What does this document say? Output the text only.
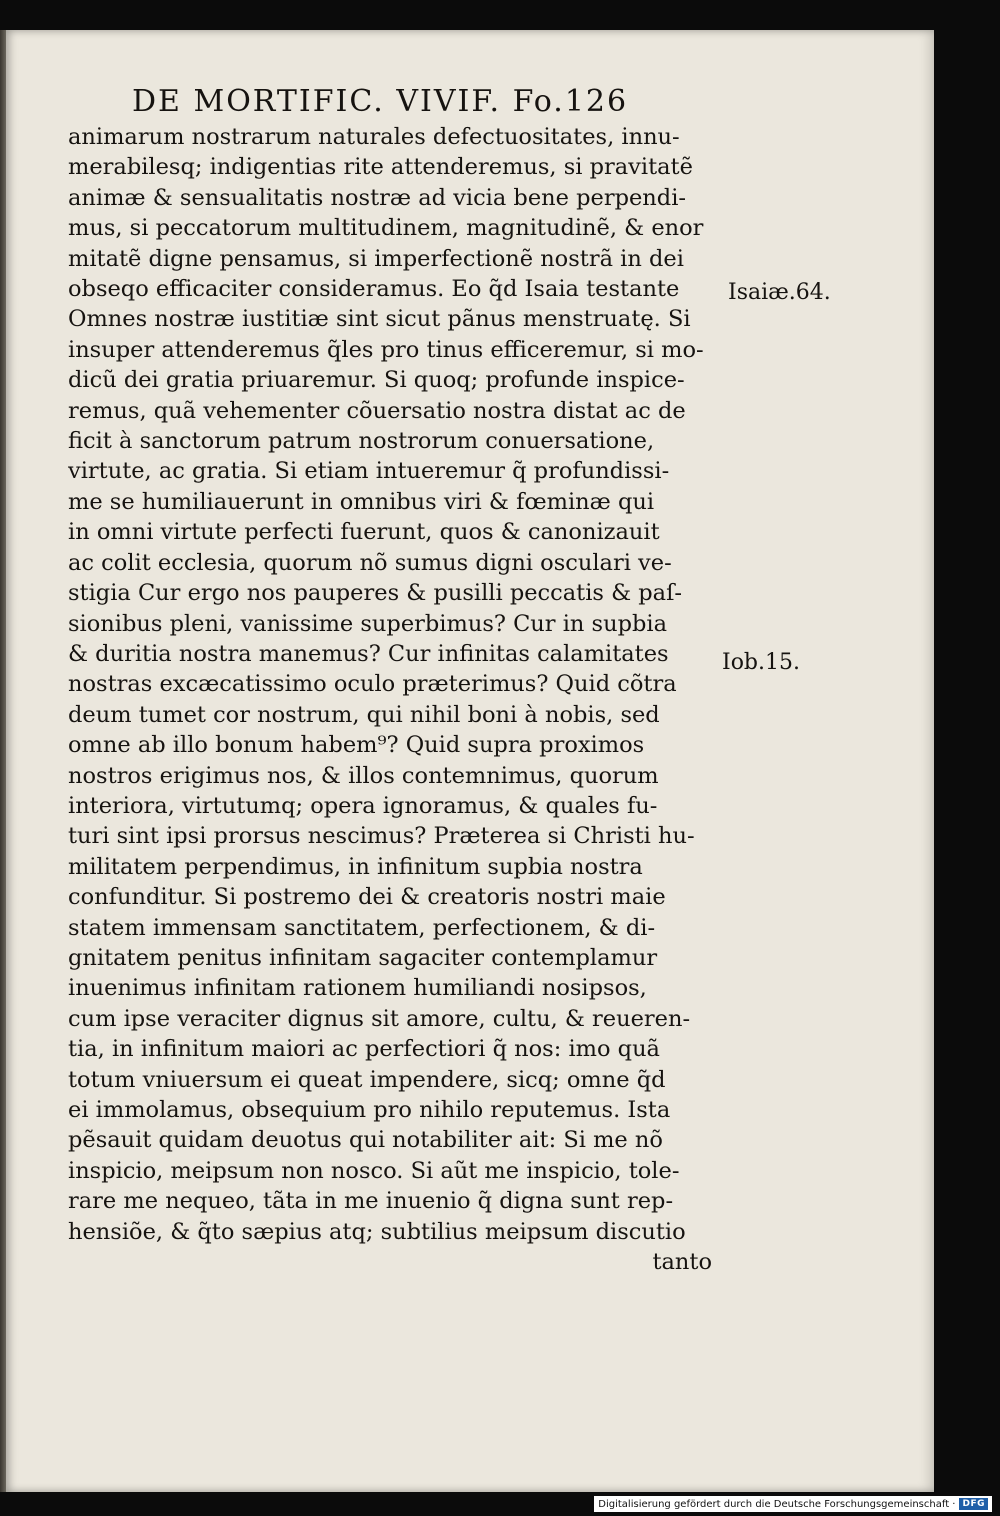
DE MORTIFIC. VIVIF. Fo.126
animarum nostrarum naturales defectuositates, innu-
merabilesq; indigentias rite attenderemus, si pravitatẽ
animæ & sensualitatis nostræ ad vicia bene perpendi-
mus, si peccatorum multitudinem, magnitudinẽ, & enor
mitatẽ digne pensamus, si imperfectionẽ nostrã in dei
obseqo efficaciter consideramus. Eo q̃d Isaia testante
Omnes nostræ iustitiæ sint sicut pãnus menstruatę. Si
insuper attenderemus q̃les pro tinus efficeremur, si mo-
dicũ dei gratia priuaremur. Si quoq; profunde inspice-
remus, quã vehementer cõuersatio nostra distat ac de
ficit à sanctorum patrum nostrorum conuersatione,
virtute, ac gratia. Si etiam intueremur q̃ profundissi-
me se humiliauerunt in omnibus viri & fœminæ qui
in omni virtute perfecti fuerunt, quos & canonizauit
ac colit ecclesia, quorum nõ sumus digni osculari ve-
stigia Cur ergo nos pauperes & pusilli peccatis & paſ-
sionibus pleni, vanissime superbimus? Cur in supbia
& duritia nostra manemus? Cur infinitas calamitates
nostras excæcatissimo oculo præterimus? Quid cõtra
deum tumet cor nostrum, qui nihil boni à nobis, sed
omne ab illo bonum habem⁹? Quid supra proximos
nostros erigimus nos, & illos contemnimus, quorum
interiora, virtutumq; opera ignoramus, & quales fu-
turi sint ipsi prorsus nescimus? Præterea si Christi hu-
militatem perpendimus, in infinitum supbia nostra
confunditur. Si postremo dei & creatoris nostri maie
statem immensam sanctitatem, perfectionem, & di-
gnitatem penitus infinitam sagaciter contemplamur
inuenimus infinitam rationem humiliandi nosipsos,
cum ipse veraciter dignus sit amore, cultu, & reueren-
tia, in infinitum maiori ac perfectiori q̃ nos: imo quã
totum vniuersum ei queat impendere, sicq; omne q̃d
ei immolamus, obsequium pro nihilo reputemus. Ista
pẽsauit quidam deuotus qui notabiliter ait: Si me nõ
inspicio, meipsum non nosco. Si aũt me inspicio, tole-
rare me nequeo, tãta in me inuenio q̃ digna sunt rep-
hensiõe, & q̃to sæpius atq; subtilius meipsum discutio
tanto
Isaiæ.64.
Iob.15.
Digitalisierung gefördert durch die Deutsche Forschungsgemeinschaft · DFG
